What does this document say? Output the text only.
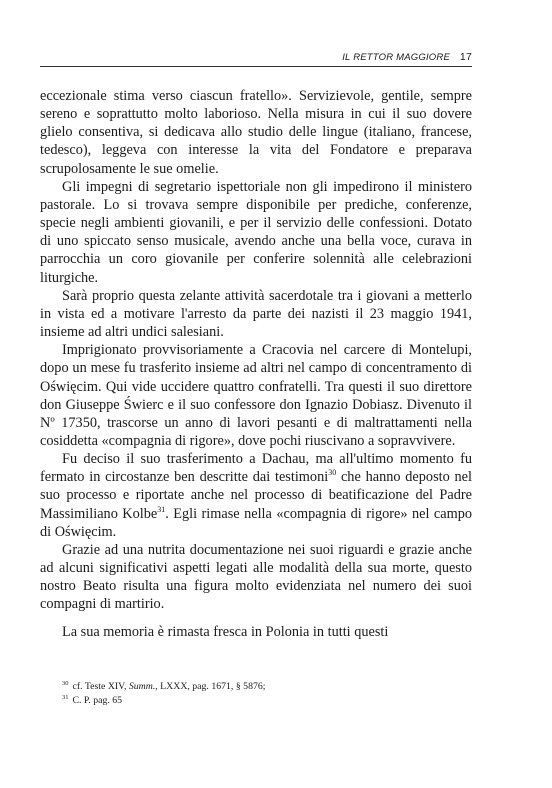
IL RETTOR MAGGIORE 17

eccezionale stima verso ciascun fratello». Servizievole, gentile, sempre sereno e soprattutto molto laborioso. Nella misura in cui il suo dovere glielo consentiva, si dedicava allo studio delle lingue (italiano, francese, tedesco), leggeva con interesse la vita del Fondatore e preparava scrupolosamente le sue omelie.

Gli impegni di segretario ispettoriale non gli impedirono il ministero pastorale. Lo si trovava sempre disponibile per prediche, conferenze, specie negli ambienti giovanili, e per il servizio delle confessioni. Dotato di uno spiccato senso musicale, avendo anche una bella voce, curava in parrocchia un coro giovanile per conferire solennità alle celebrazioni liturgiche.

Sarà proprio questa zelante attività sacerdotale tra i giovani a metterlo in vista ed a motivare l'arresto da parte dei nazisti il 23 maggio 1941, insieme ad altri undici salesiani.

Imprigionato provvisoriamente a Cracovia nel carcere di Montelupi, dopo un mese fu trasferito insieme ad altri nel campo di concentramento di Oświęcim. Qui vide uccidere quattro confratelli. Tra questi il suo direttore don Giuseppe Świerc e il suo confessore don Ignazio Dobiasz. Divenuto il Nº 17350, trascorse un anno di lavori pesanti e di maltrattamenti nella cosiddetta «compagnia di rigore», dove pochi riuscivano a sopravvivere.

Fu deciso il suo trasferimento a Dachau, ma all'ultimo momento fu fermato in circostanze ben descritte dai testimoni$^{30}$ che hanno deposto nel suo processo e riportate anche nel processo di beatificazione del Padre Massimiliano Kolbe$^{31}$. Egli rimase nella «compagnia di rigore» nel campo di Oświęcim.

Grazie ad una nutrita documentazione nei suoi riguardi e grazie anche ad alcuni significativi aspetti legati alle modalità della sua morte, questo nostro Beato risulta una figura molto evidenziata nel numero dei suoi compagni di martirio.

La sua memoria è rimasta fresca in Polonia in tutti questi

$^{30}$ cf. Teste XIV, Summ., LXXX, pag. 1671, § 5876;

$^{31}$ C. P. pag. 65
